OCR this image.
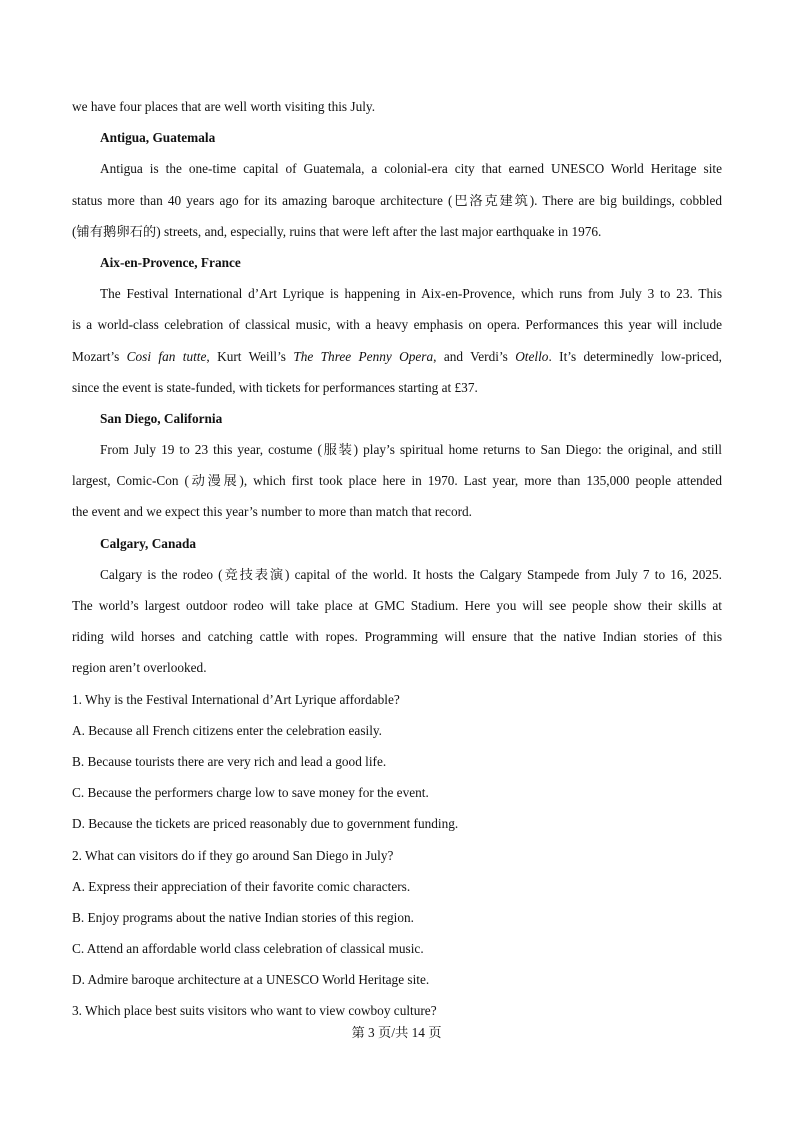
we have four places that are well worth visiting this July.
Antigua, Guatemala
Antigua is the one-time capital of Guatemala, a colonial-era city that earned UNESCO World Heritage site
status more than 40 years ago for its amazing baroque architecture (巴洛克建筑). There are big buildings, cobbled
(铺有鹅卵石的) streets, and, especially, ruins that were left after the last major earthquake in 1976.
Aix-en-Provence, France
The Festival International d’Art Lyrique is happening in Aix-en-Provence, which runs from July 3 to 23. This
is a world-class celebration of classical music, with a heavy emphasis on opera. Performances this year will include
Mozart’s Cosi fan tutte, Kurt Weill’s The Three Penny Opera, and Verdi’s Otello. It’s determinedly low-priced,
since the event is state-funded, with tickets for performances starting at £37.
San Diego, California
From July 19 to 23 this year, costume (服装) play’s spiritual home returns to San Diego: the original, and still
largest, Comic-Con (动漫展), which first took place here in 1970. Last year, more than 135,000 people attended
the event and we expect this year’s number to more than match that record.
Calgary, Canada
Calgary is the rodeo (竞技表演) capital of the world. It hosts the Calgary Stampede from July 7 to 16, 2025.
The world’s largest outdoor rodeo will take place at GMC Stadium. Here you will see people show their skills at
riding wild horses and catching cattle with ropes. Programming will ensure that the native Indian stories of this
region aren’t overlooked.
1. Why is the Festival International d’Art Lyrique affordable?
A. Because all French citizens enter the celebration easily.
B. Because tourists there are very rich and lead a good life.
C. Because the performers charge low to save money for the event.
D. Because the tickets are priced reasonably due to government funding.
2. What can visitors do if they go around San Diego in July?
A. Express their appreciation of their favorite comic characters.
B. Enjoy programs about the native Indian stories of this region.
C. Attend an affordable world class celebration of classical music.
D. Admire baroque architecture at a UNESCO World Heritage site.
3. Which place best suits visitors who want to view cowboy culture?
第 3 页/共 14 页
